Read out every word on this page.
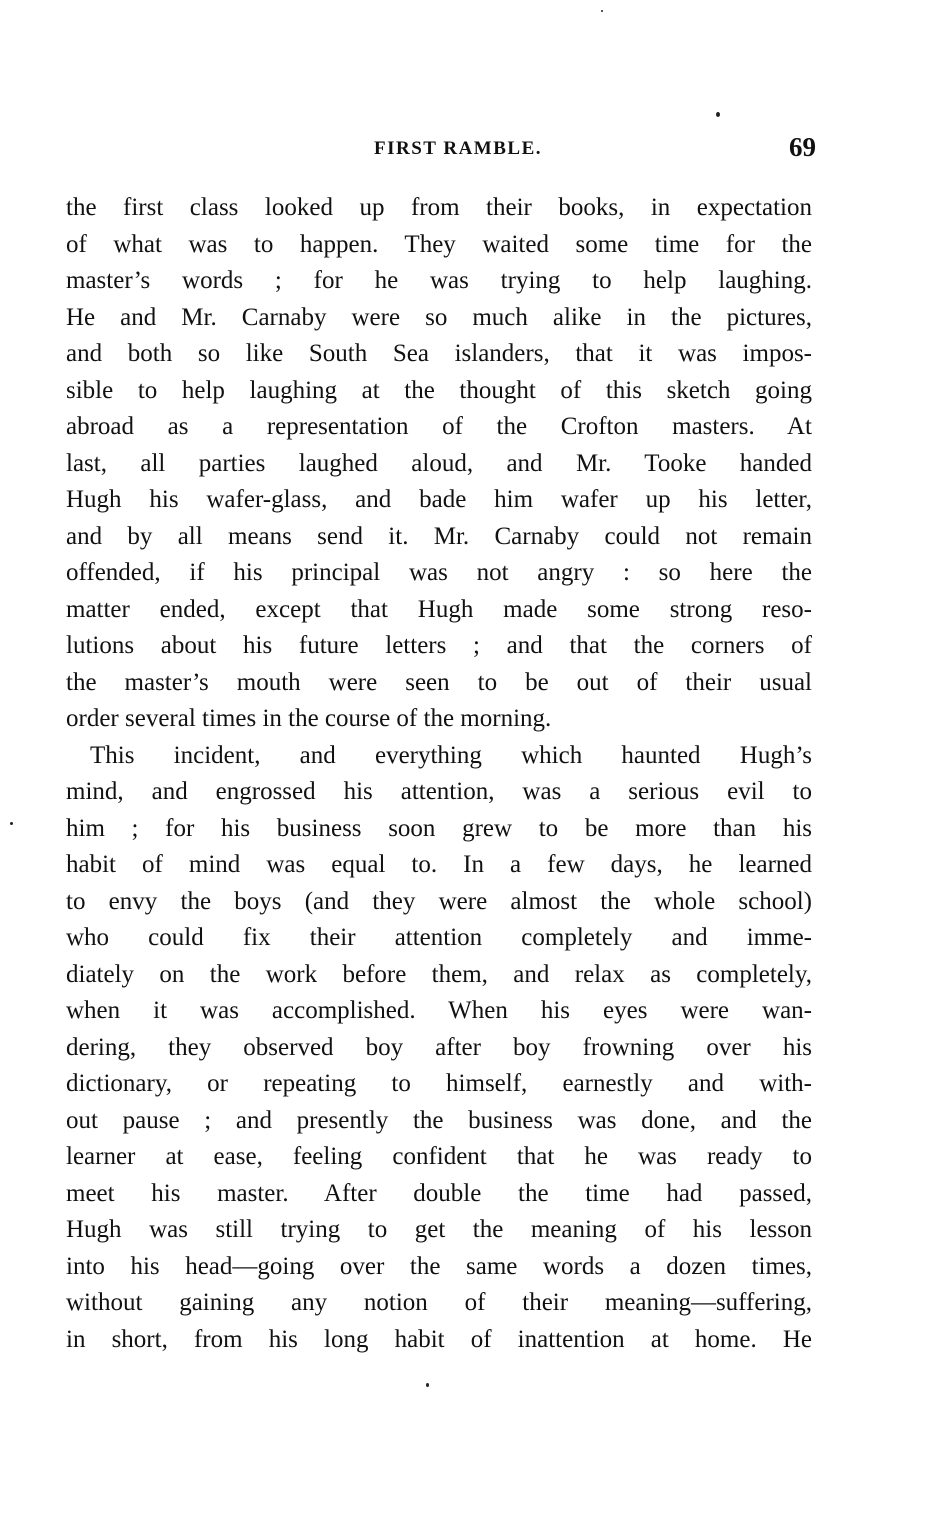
FIRST RAMBLE.	69
the first class looked up from their books, in expectation
of what was to happen. They waited some time for the
master’s words ; for he was trying to help laughing.
He and Mr. Carnaby were so much alike in the pictures,
and both so like South Sea islanders, that it was impos-
sible to help laughing at the thought of this sketch going
abroad as a representation of the Crofton masters. At
last, all parties laughed aloud, and Mr. Tooke handed
Hugh his wafer-glass, and bade him wafer up his letter,
and by all means send it. Mr. Carnaby could not remain
offended, if his principal was not angry : so here the
matter ended, except that Hugh made some strong reso-
lutions about his future letters ; and that the corners of
the master’s mouth were seen to be out of their usual
order several times in the course of the morning.
This incident, and everything which haunted Hugh’s
mind, and engrossed his attention, was a serious evil to
him ; for his business soon grew to be more than his
habit of mind was equal to. In a few days, he learned
to envy the boys (and they were almost the whole school)
who could fix their attention completely and imme-
diately on the work before them, and relax as completely,
when it was accomplished. When his eyes were wan-
dering, they observed boy after boy frowning over his
dictionary, or repeating to himself, earnestly and with-
out pause ; and presently the business was done, and the
learner at ease, feeling confident that he was ready to
meet his master. After double the time had passed,
Hugh was still trying to get the meaning of his lesson
into his head—going over the same words a dozen times,
without gaining any notion of their meaning—suffering,
in short, from his long habit of inattention at home. He
